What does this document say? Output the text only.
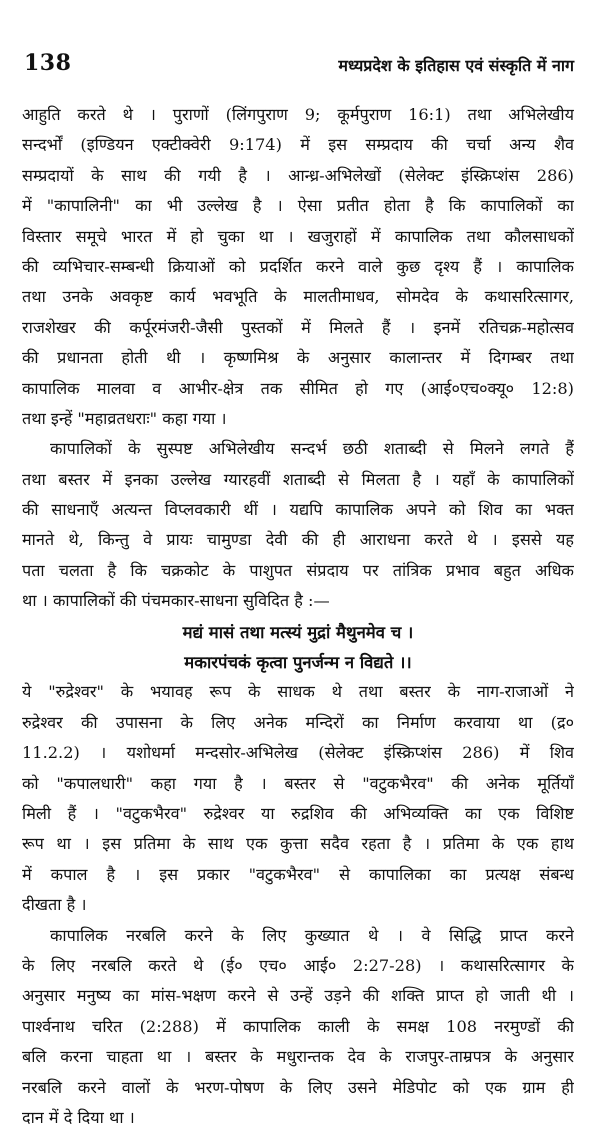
138	मध्यप्रदेश के इतिहास एवं संस्कृति में नाग
आहुति करते थे । पुराणों (लिंगपुराण 9; कूर्मपुराण 16:1) तथा अभिलेखीय
सन्दर्भों (इण्डियन एक्टीक्वेरी 9:174) में इस सम्प्रदाय की चर्चा अन्य शैव
सम्प्रदायों के साथ की गयी है । आन्ध्र-अभिलेखों (सेलेक्ट इंस्क्रिप्शंस 286)
में "कापालिनी" का भी उल्लेख है । ऐसा प्रतीत होता है कि कापालिकों का
विस्तार समूचे भारत में हो चुका था । खजुराहों में कापालिक तथा कौलसाधकों
की व्यभिचार-सम्बन्धी क्रियाओं को प्रदर्शित करने वाले कुछ दृश्य हैं । कापालिक
तथा उनके अवकृष्ट कार्य भवभूति के मालतीमाधव, सोमदेव के कथासरित्सागर,
राजशेखर की कर्पूरमंजरी-जैसी पुस्तकों में मिलते हैं । इनमें रतिचक्र-महोत्सव
की प्रधानता होती थी । कृष्णमिश्र के अनुसार कालान्तर में दिगम्बर तथा
कापालिक मालवा व आभीर-क्षेत्र तक सीमित हो गए (आई०एच०क्यू० 12:8)
तथा इन्हें "महाव्रतधराः" कहा गया ।
कापालिकों के सुस्पष्ट अभिलेखीय सन्दर्भ छठी शताब्दी से मिलने लगते हैं
तथा बस्तर में इनका उल्लेख ग्यारहवीं शताब्दी से मिलता है । यहाँ के कापालिकों
की साधनाएँ अत्यन्त विप्लवकारी थीं । यद्यपि कापालिक अपने को शिव का भक्त
मानते थे, किन्तु वे प्रायः चामुण्डा देवी की ही आराधना करते थे । इससे यह
पता चलता है कि चक्रकोट के पाशुपत संप्रदाय पर तांत्रिक प्रभाव बहुत अधिक
था । कापालिकों की पंचमकार-साधना सुविदित है :—
मद्यं मासं तथा मत्स्यं मुद्रां मैथुनमेव च ।
मकारपंचकं कृत्वा पुनर्जन्म न विद्यते ।।
ये "रुद्रेश्वर" के भयावह रूप के साधक थे तथा बस्तर के नाग-राजाओं ने
रुद्रेश्वर की उपासना के लिए अनेक मन्दिरों का निर्माण करवाया था (द्र०
11.2.2) । यशोधर्मा मन्दसोर-अभिलेख (सेलेक्ट इंस्क्रिप्शंस 286) में शिव
को "कपालधारी" कहा गया है । बस्तर से "वटुकभैरव" की अनेक मूर्तियाँ
मिली हैं । "वटुकभैरव" रुद्रेश्वर या रुद्रशिव की अभिव्यक्ति का एक विशिष्ट
रूप था । इस प्रतिमा के साथ एक कुत्ता सदैव रहता है । प्रतिमा के एक हाथ
में कपाल है । इस प्रकार "वटुकभैरव" से कापालिका का प्रत्यक्ष संबन्ध
दीखता है ।
कापालिक नरबलि करने के लिए कुख्यात थे । वे सिद्धि प्राप्त करने
के लिए नरबलि करते थे (ई० एच० आई० 2:27-28) । कथासरित्सागर के
अनुसार मनुष्य का मांस-भक्षण करने से उन्हें उड़ने की शक्ति प्राप्त हो जाती थी ।
पार्श्वनाथ चरित (2:288) में कापालिक काली के समक्ष 108 नरमुण्डों की
बलि करना चाहता था । बस्तर के मधुरान्तक देव के राजपुर-ताम्रपत्र के अनुसार
नरबलि करने वालों के भरण-पोषण के लिए उसने मेडिपोट को एक ग्राम ही
दान में दे दिया था ।
